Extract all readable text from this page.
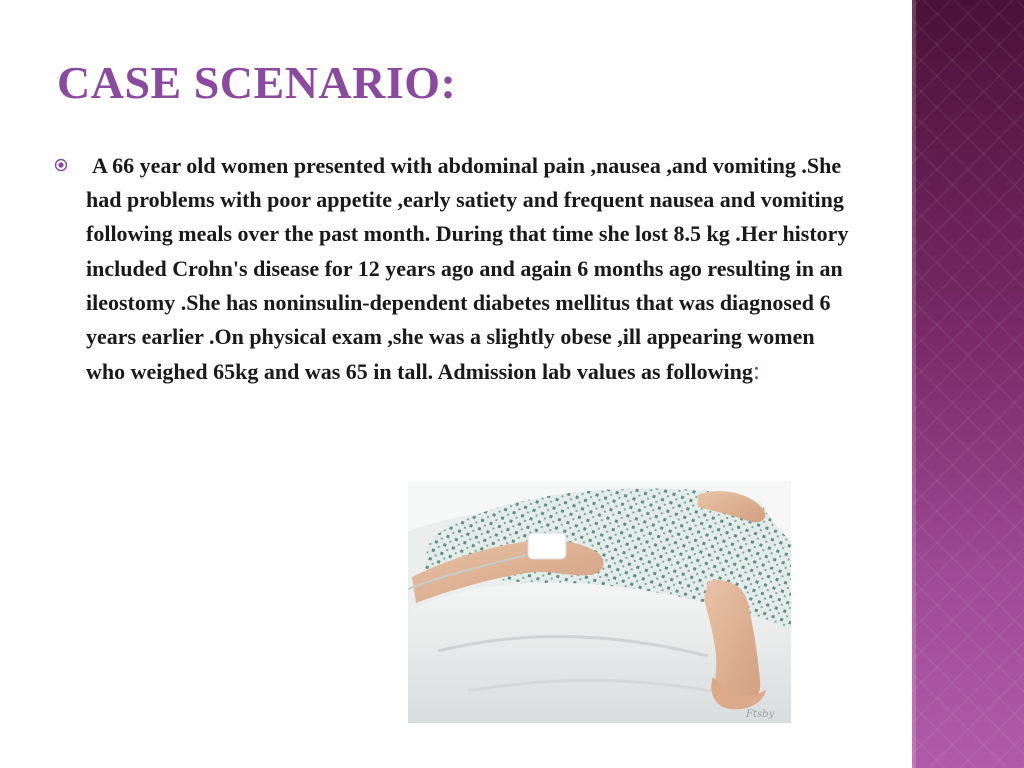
CASE SCENARIO:

A 66 year old women presented with abdominal pain ,nausea ,and vomiting .She had problems with poor appetite ,early satiety and frequent nausea and vomiting following meals over the past month. During that time she lost 8.5 kg .Her history included Crohn's disease for 12 years ago and again 6 months ago resulting in an ileostomy .She has noninsulin-dependent diabetes mellitus that was diagnosed 6 years earlier .On physical exam ,she was a slightly obese ,ill appearing women who weighed 65kg and was 65 in tall. Admission lab values as following:

Ftsby
